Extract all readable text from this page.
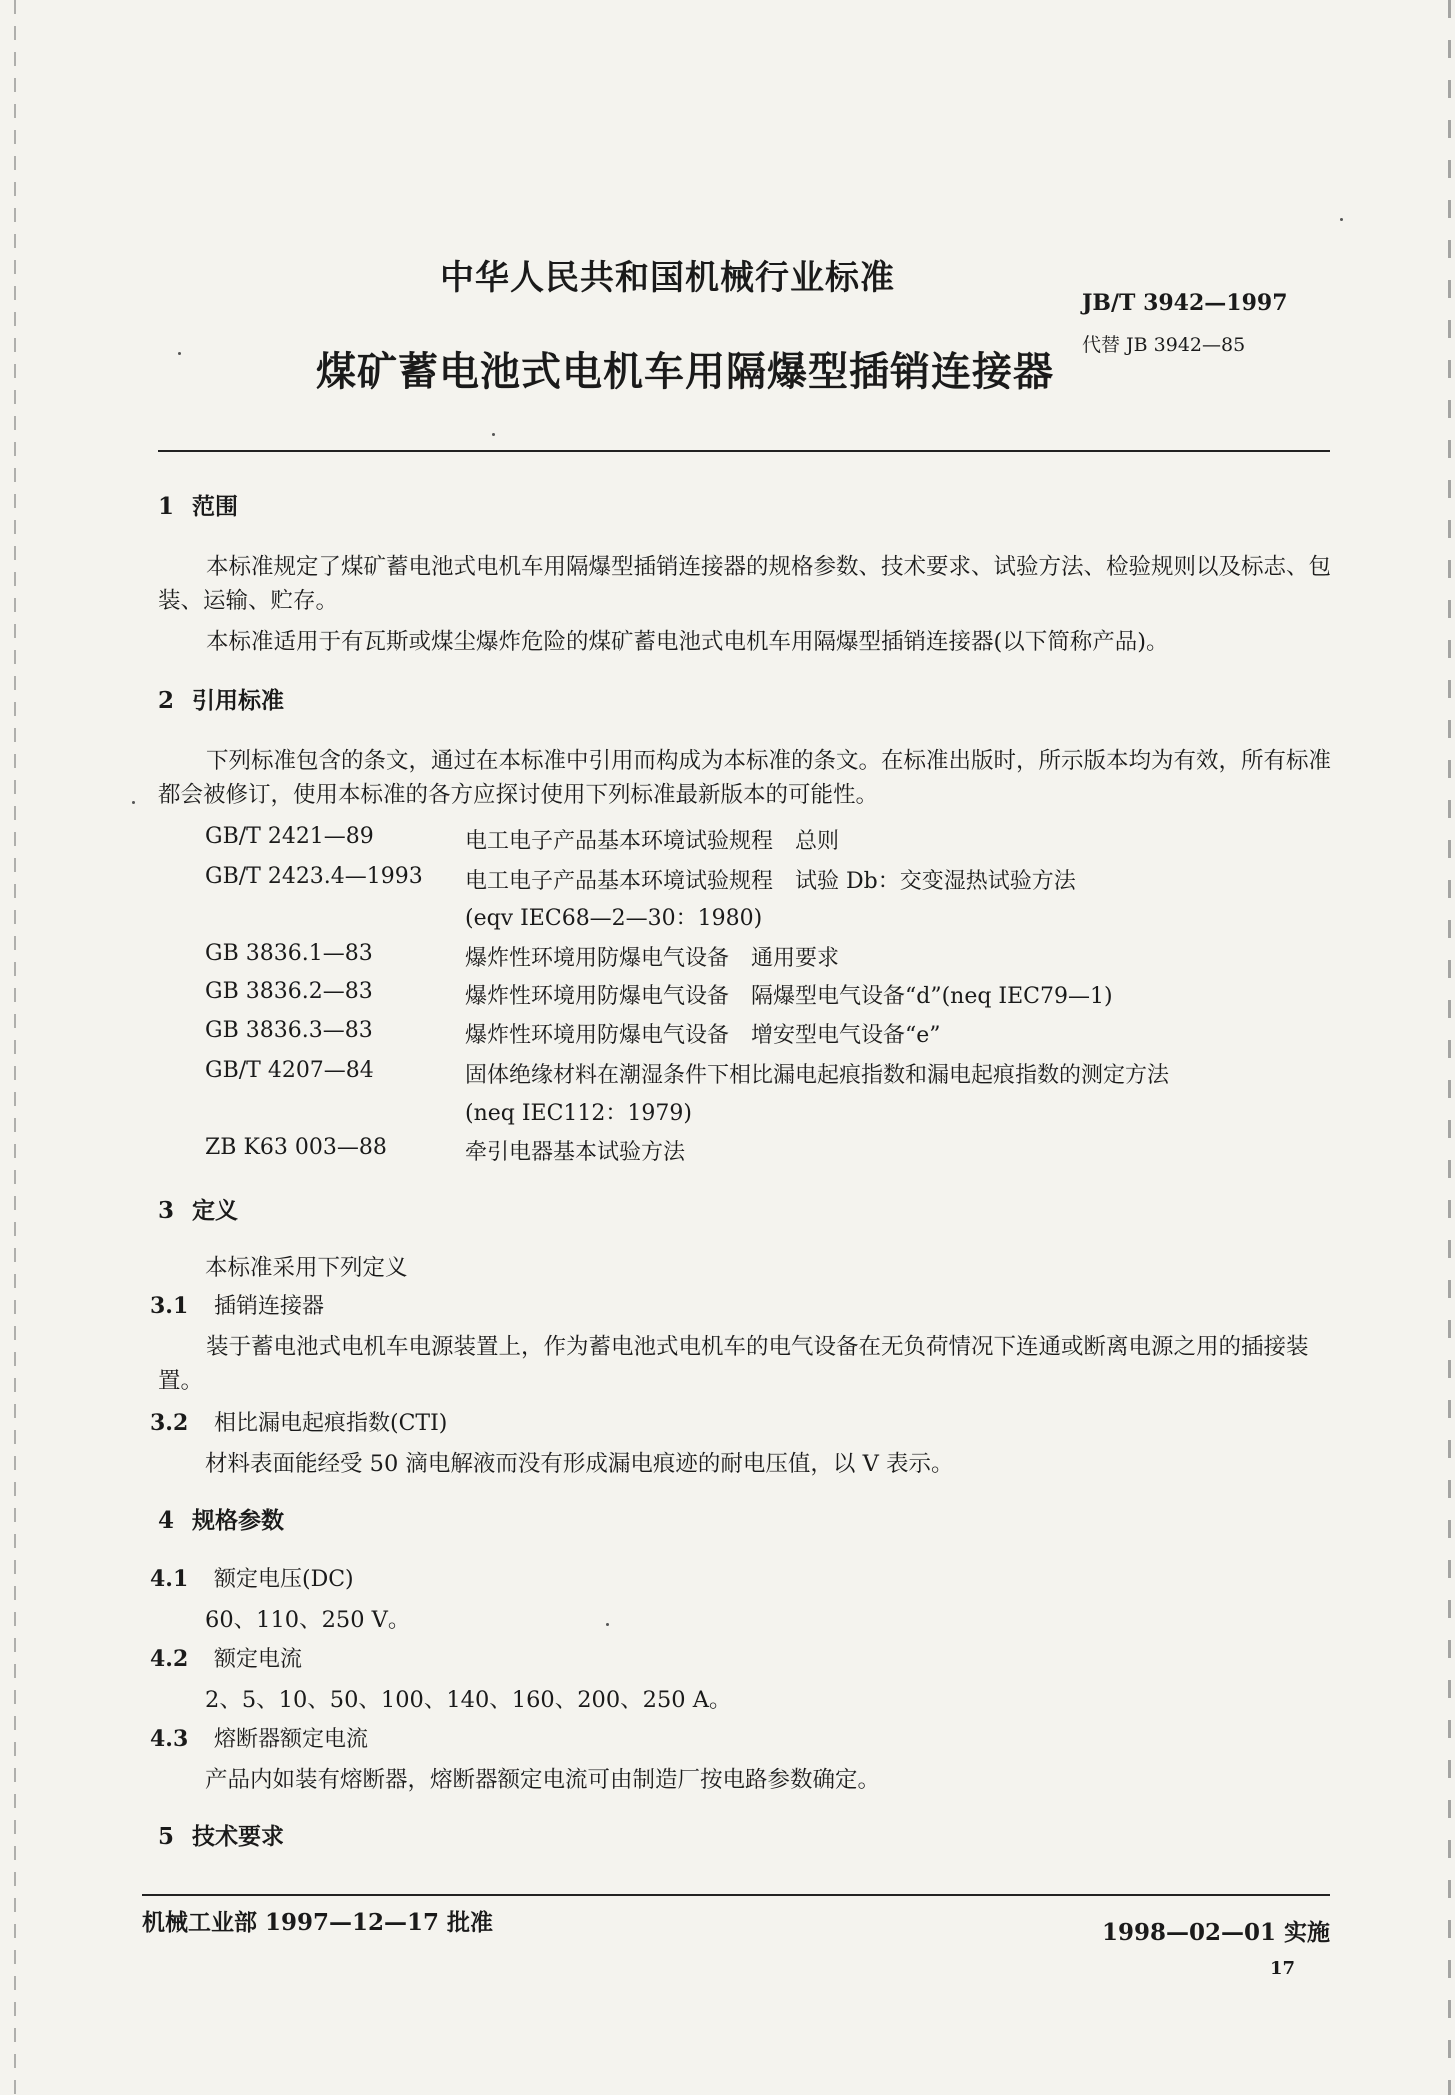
中华人民共和国机械行业标准
煤矿蓄电池式电机车用隔爆型插销连接器
JB/T 3942—1997
代替 JB 3942—85
1 范围
本标准规定了煤矿蓄电池式电机车用隔爆型插销连接器的规格参数、技术要求、试验方法、检验规则以及标志、包装、运输、贮存。
本标准适用于有瓦斯或煤尘爆炸危险的煤矿蓄电池式电机车用隔爆型插销连接器(以下简称产品)。
2 引用标准
下列标准包含的条文，通过在本标准中引用而构成为本标准的条文。在标准出版时，所示版本均为有效，所有标准都会被修订，使用本标准的各方应探讨使用下列标准最新版本的可能性。
GB/T 2421—89	电工电子产品基本环境试验规程　总则
GB/T 2423.4—1993 电工电子产品基本环境试验规程　试验 Db：交变湿热试验方法
(eqv IEC68—2—30：1980)
GB 3836.1—83	爆炸性环境用防爆电气设备　通用要求
GB 3836.2—83	爆炸性环境用防爆电气设备　隔爆型电气设备“d”(neq IEC79—1)
GB 3836.3—83	爆炸性环境用防爆电气设备　增安型电气设备“e”
GB/T 4207—84	固体绝缘材料在潮湿条件下相比漏电起痕指数和漏电起痕指数的测定方法
(neq IEC112：1979)
ZB K63 003—88	牵引电器基本试验方法
3 定义
本标准采用下列定义
3.1 插销连接器
装于蓄电池式电机车电源装置上，作为蓄电池式电机车的电气设备在无负荷情况下连通或断离电源之用的插接装置。
3.2 相比漏电起痕指数(CTI)
材料表面能经受 50 滴电解液而没有形成漏电痕迹的耐电压值，以 V 表示。
4 规格参数
4.1 额定电压(DC)
60、110、250 V。
4.2 额定电流
2、5、10、50、100、140、160、200、250 A。
4.3 熔断器额定电流
产品内如装有熔断器，熔断器额定电流可由制造厂按电路参数确定。
5 技术要求
机械工业部 1997—12—17 批准	1998—02—01 实施
17
